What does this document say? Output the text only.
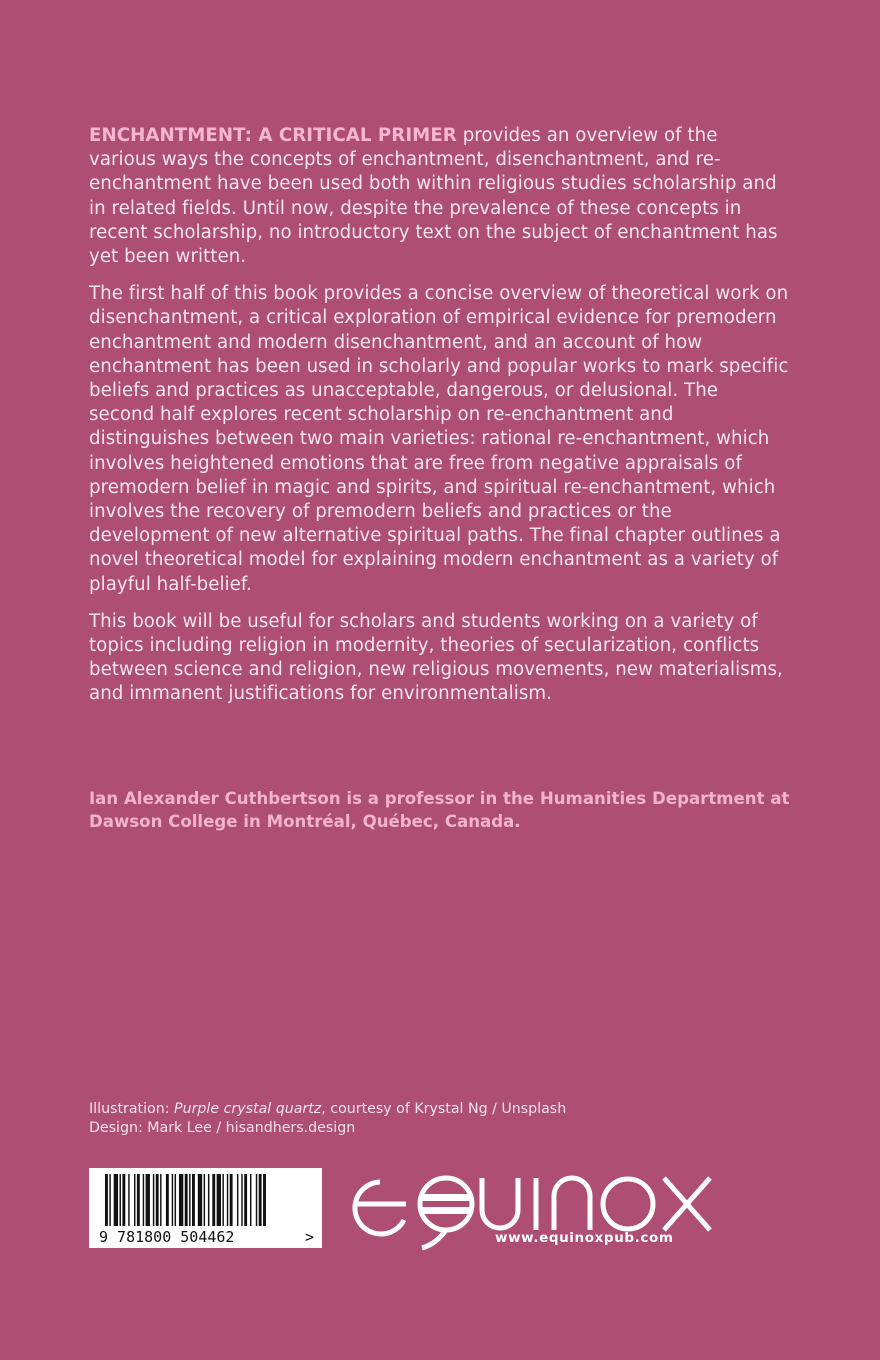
ENCHANTMENT: A CRITICAL PRIMER provides an overview of the various ways the concepts of enchantment, disenchantment, and re-enchantment have been used both within religious studies scholarship and in related fields. Until now, despite the prevalence of these concepts in recent scholarship, no introductory text on the subject of enchantment has yet been written.

The first half of this book provides a concise overview of theoretical work on disenchantment, a critical exploration of empirical evidence for premodern enchantment and modern disenchantment, and an account of how enchantment has been used in scholarly and popular works to mark specific beliefs and practices as unacceptable, dangerous, or delusional. The second half explores recent scholarship on re-enchantment and distinguishes between two main varieties: rational re-enchantment, which involves heightened emotions that are free from negative appraisals of premodern belief in magic and spirits, and spiritual re-enchantment, which involves the recovery of premodern beliefs and practices or the development of new alternative spiritual paths. The final chapter outlines a novel theoretical model for explaining modern enchantment as a variety of playful half-belief.

This book will be useful for scholars and students working on a variety of topics including religion in modernity, theories of secularization, conflicts between science and religion, new religious movements, new materialisms, and immanent justifications for environmentalism.

Ian Alexander Cuthbertson is a professor in the Humanities Department at Dawson College in Montréal, Québec, Canada.
Illustration: Purple crystal quartz, courtesy of Krystal Ng / Unsplash
Design: Mark Lee / hisandhers.design
9 781800 504462	>	www.equinoxpub.com
